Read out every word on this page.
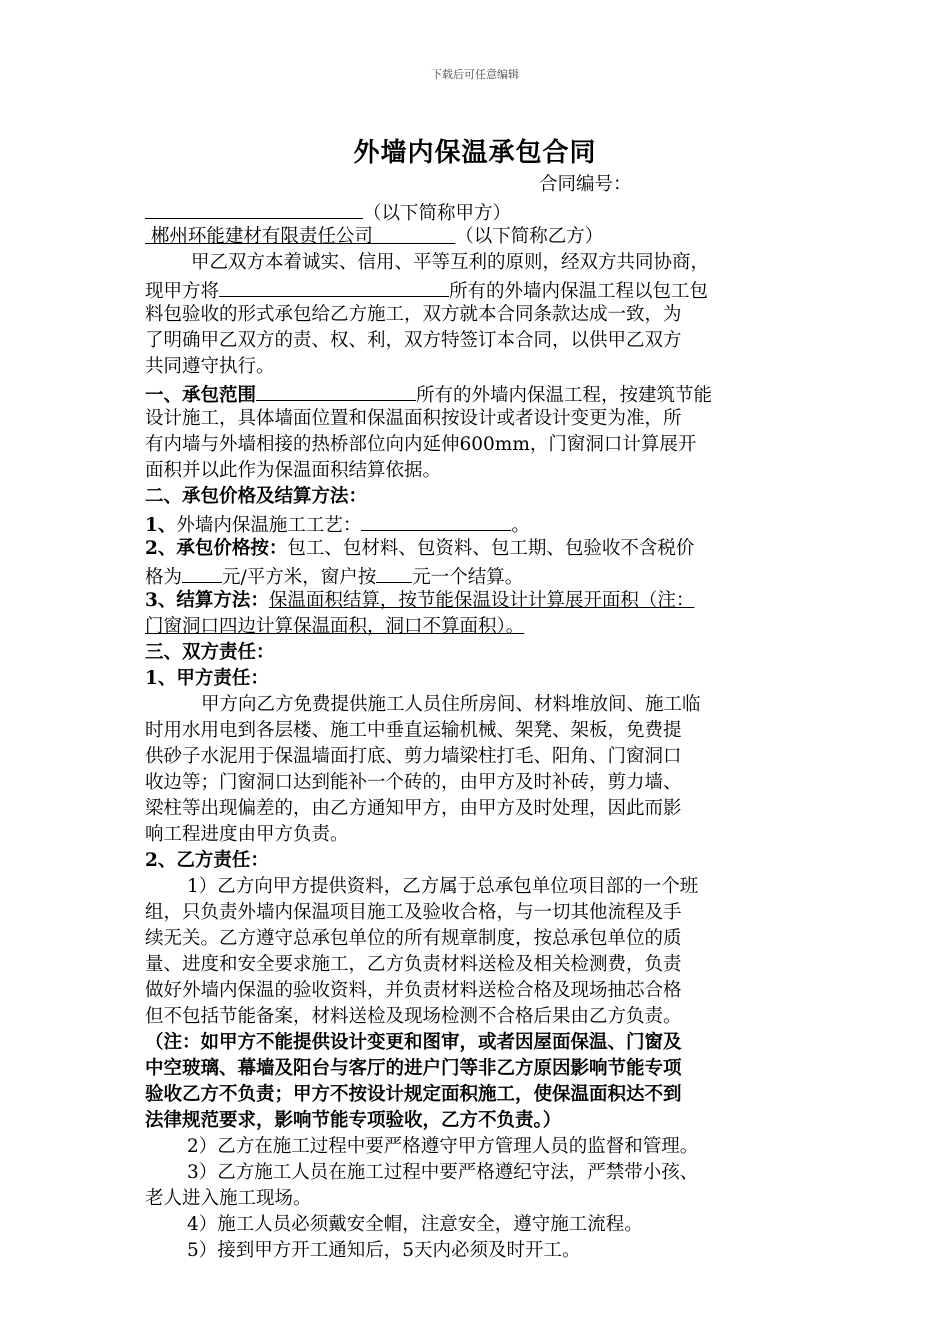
下载后可任意编辑
外墙内保温承包合同
合同编号：
（以下简称甲方）
郴州环能建材有限责任公司	（以下简称乙方）
甲乙双方本着诚实、信用、平等互利的原则，经双方共同协商，
现甲方将	所有的外墙内保温工程以包工包
料包验收的形式承包给乙方施工，双方就本合同条款达成一致，为
了明确甲乙双方的责、权、利，双方特签订本合同，以供甲乙双方
共同遵守执行。
一、承包范围	所有的外墙内保温工程，按建筑节能
设计施工，具体墙面位置和保温面积按设计或者设计变更为准，所
有内墙与外墙相接的热桥部位向内延伸600mm，门窗洞口计算展开
面积并以此作为保温面积结算依据。
二、承包价格及结算方法：
1、外墙内保温施工工艺：	。
2、承包价格按：包工、包材料、包资料、包工期、包验收不含税价
格为 元/平方米，窗户按 元一个结算。
3、结算方法：保温面积结算，按节能保温设计计算展开面积（注：
门窗洞口四边计算保温面积，洞口不算面积）。
三、双方责任：
1、甲方责任：
甲方向乙方免费提供施工人员住所房间、材料堆放间、施工临
时用水用电到各层楼、施工中垂直运输机械、架凳、架板，免费提
供砂子水泥用于保温墙面打底、剪力墙梁柱打毛、阳角、门窗洞口
收边等；门窗洞口达到能补一个砖的，由甲方及时补砖，剪力墙、
梁柱等出现偏差的，由乙方通知甲方，由甲方及时处理，因此而影
响工程进度由甲方负责。
2、乙方责任：
1）乙方向甲方提供资料，乙方属于总承包单位项目部的一个班
组，只负责外墙内保温项目施工及验收合格，与一切其他流程及手
续无关。乙方遵守总承包单位的所有规章制度，按总承包单位的质
量、进度和安全要求施工，乙方负责材料送检及相关检测费，负责
做好外墙内保温的验收资料，并负责材料送检合格及现场抽芯合格
但不包括节能备案，材料送检及现场检测不合格后果由乙方负责。
（注：如甲方不能提供设计变更和图审，或者因屋面保温、门窗及
中空玻璃、幕墙及阳台与客厅的进户门等非乙方原因影响节能专项
验收乙方不负责；甲方不按设计规定面积施工，使保温面积达不到
法律规范要求，影响节能专项验收，乙方不负责。）
2）乙方在施工过程中要严格遵守甲方管理人员的监督和管理。
3）乙方施工人员在施工过程中要严格遵纪守法，严禁带小孩、
老人进入施工现场。
4）施工人员必须戴安全帽，注意安全，遵守施工流程。
5）接到甲方开工通知后，5天内必须及时开工。
